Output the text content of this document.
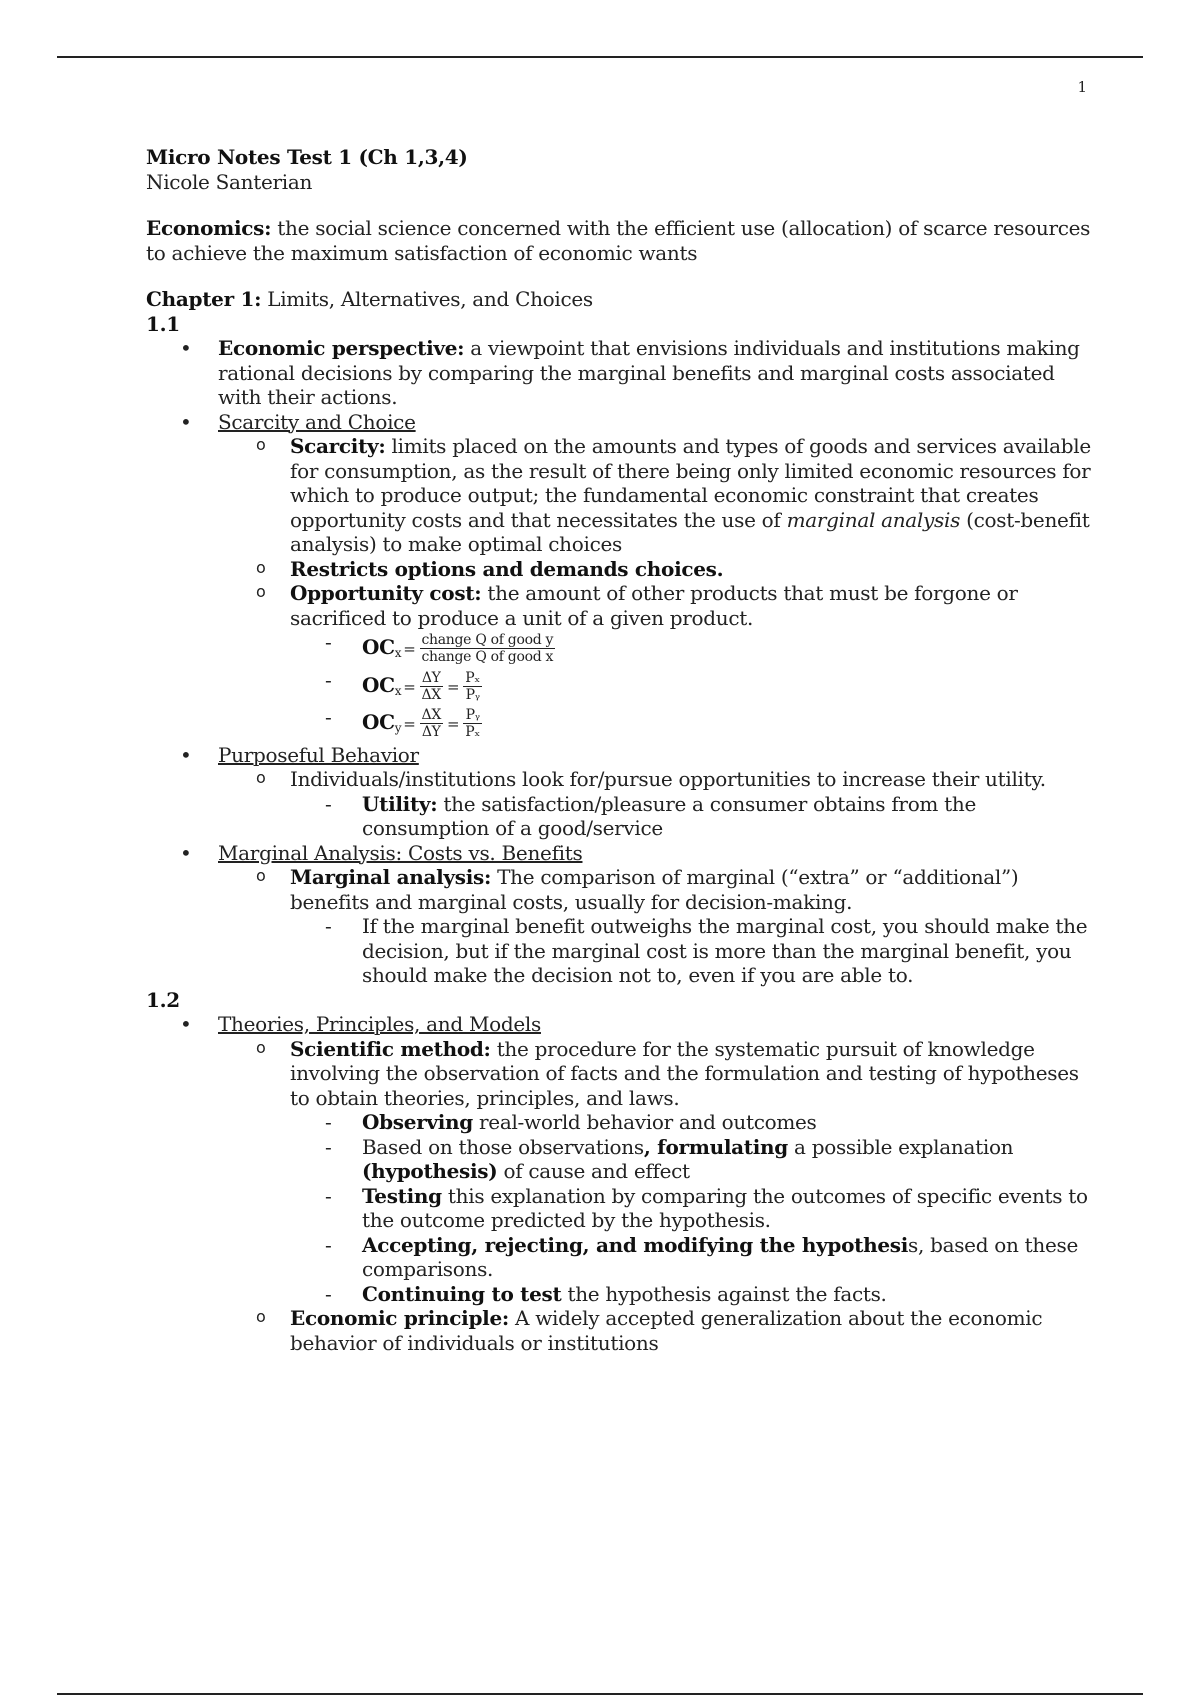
1

Micro Notes Test 1 (Ch 1,3,4)

Nicole Santerian

Economics: the social science concerned with the efficient use (allocation) of scarce resources to achieve the maximum satisfaction of economic wants

Chapter 1: Limits, Alternatives, and Choices

1.1

• Economic perspective: a viewpoint that envisions individuals and institutions making rational decisions by comparing the marginal benefits and marginal costs associated with their actions.
• Scarcity and Choice
o Scarcity: limits placed on the amounts and types of goods and services available for consumption, as the result of there being only limited economic resources for which to produce output; the fundamental economic constraint that creates opportunity costs and that necessitates the use of marginal analysis (cost-benefit analysis) to make optimal choices
o Restricts options and demands choices.
o Opportunity cost: the amount of other products that must be forgone or sacrificed to produce a unit of a given product.
- $OC_x = \frac{\text{change Q of good y}}{\text{change Q of good x}}$
- $OC_x = \frac{\Delta Y}{\Delta X} = \frac{\text{Pₓ}}{\text{Pᵧ}}$
- $OC_y = \frac{\Delta X}{\Delta Y} = \frac{\text{Pᵧ}}{\text{Pₓ}}$
• Purposeful Behavior
o Individuals/institutions look for/pursue opportunities to increase their utility.
- Utility: the satisfaction/pleasure a consumer obtains from the consumption of a good/service
• Marginal Analysis: Costs vs. Benefits
o Marginal analysis: The comparison of marginal (“extra” or “additional”) benefits and marginal costs, usually for decision-making.
- If the marginal benefit outweighs the marginal cost, you should make the decision, but if the marginal cost is more than the marginal benefit, you should make the decision not to, even if you are able to.

1.2

• Theories, Principles, and Models
o Scientific method: the procedure for the systematic pursuit of knowledge involving the observation of facts and the formulation and testing of hypotheses to obtain theories, principles, and laws.
- Observing real-world behavior and outcomes
- Based on those observations, formulating a possible explanation (hypothesis) of cause and effect
- Testing this explanation by comparing the outcomes of specific events to the outcome predicted by the hypothesis.
- Accepting, rejecting, and modifying the hypothesis, based on these comparisons.
- Continuing to test the hypothesis against the facts.
o Economic principle: A widely accepted generalization about the economic behavior of individuals or institutions
